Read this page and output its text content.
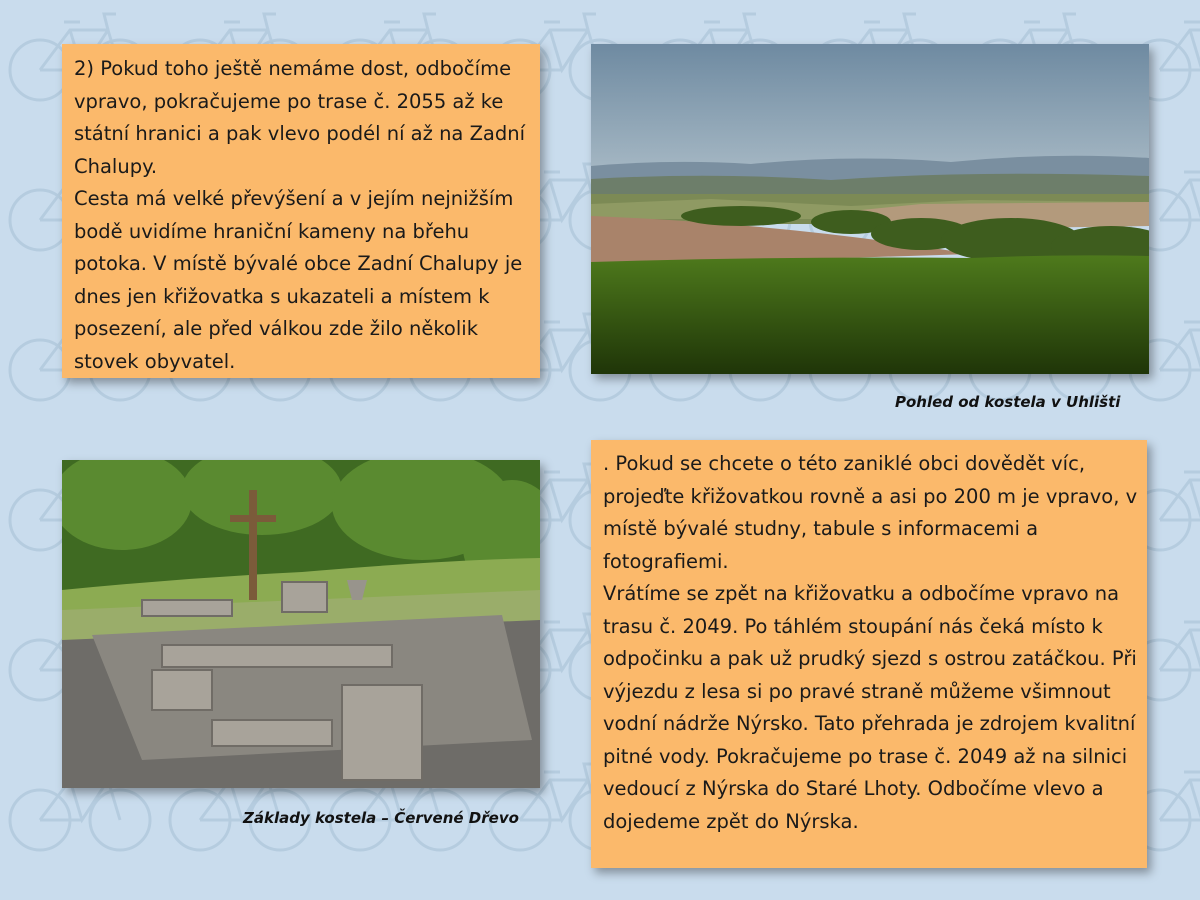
2) Pokud toho ještě nemáme dost, odbočíme vpravo, pokračujeme po trase č. 2055 až ke státní hranici a pak vlevo podél ní až na Zadní Chalupy.

Cesta má velké převýšení a v jejím nejnižším bodě uvidíme hraniční kameny na břehu potoka. V místě bývalé obce Zadní Chalupy je dnes jen křižovatka s ukazateli a místem k posezení, ale před válkou zde žilo několik stovek obyvatel.

Pohled od kostela v Uhlišti
Základy kostela – Červené Dřevo

. Pokud se chcete o této zaniklé obci dovědět víc, projeďte křižovatkou rovně a asi po 200 m je vpravo, v místě bývalé studny, tabule s informacemi a fotografiemi.

Vrátíme se zpět na křižovatku a odbočíme vpravo na trasu č. 2049. Po táhlém stoupání nás čeká místo k odpočinku a pak už prudký sjezd s ostrou zatáčkou. Při výjezdu z lesa si po pravé straně můžeme všimnout vodní nádrže Nýrsko. Tato přehrada je zdrojem kvalitní pitné vody. Pokračujeme po trase č. 2049 až na silnici vedoucí z Nýrska do Staré Lhoty. Odbočíme vlevo a dojedeme zpět do Nýrska.
